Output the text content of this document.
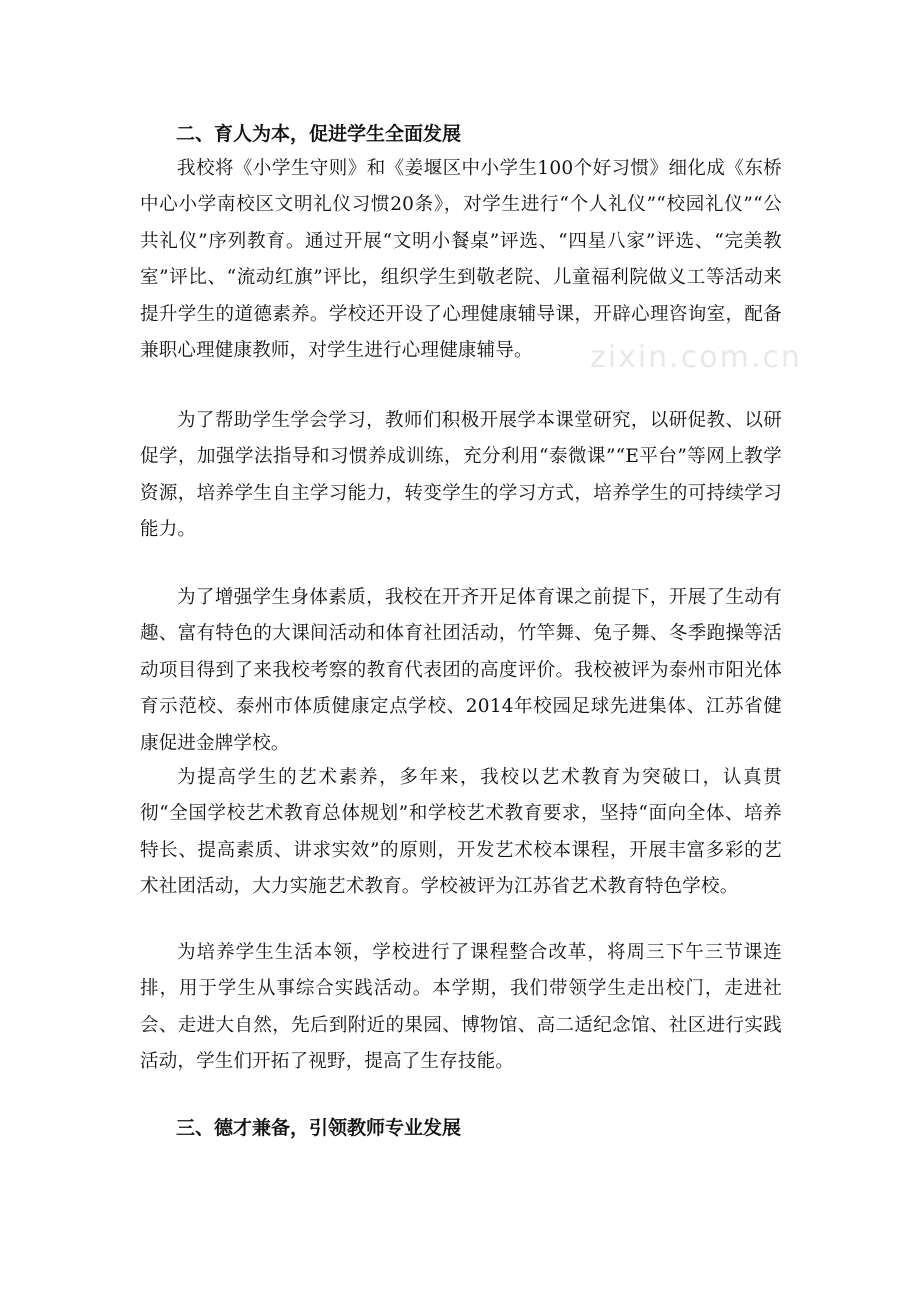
二、育人为本，促进学生全面发展
我校将《小学生守则》和《姜堰区中小学生100个好习惯》细化成《东桥中心小学南校区文明礼仪习惯20条》，对学生进行“个人礼仪”“校园礼仪”“公共礼仪”序列教育。通过开展“文明小餐桌”评选、“四星八家”评选、“完美教室”评比、“流动红旗”评比，组织学生到敬老院、儿童福利院做义工等活动来提升学生的道德素养。学校还开设了心理健康辅导课，开辟心理咨询室，配备兼职心理健康教师，对学生进行心理健康辅导。
为了帮助学生学会学习，教师们积极开展学本课堂研究，以研促教、以研促学，加强学法指导和习惯养成训练，充分利用“泰微课”“E平台”等网上教学资源，培养学生自主学习能力，转变学生的学习方式，培养学生的可持续学习能力。
为了增强学生身体素质，我校在开齐开足体育课之前提下，开展了生动有趣、富有特色的大课间活动和体育社团活动，竹竿舞、兔子舞、冬季跑操等活动项目得到了来我校考察的教育代表团的高度评价。我校被评为泰州市阳光体育示范校、泰州市体质健康定点学校、2014年校园足球先进集体、江苏省健康促进金牌学校。
为提高学生的艺术素养，多年来，我校以艺术教育为突破口，认真贯彻“全国学校艺术教育总体规划”和学校艺术教育要求，坚持“面向全体、培养特长、提高素质、讲求实效”的原则，开发艺术校本课程，开展丰富多彩的艺术社团活动，大力实施艺术教育。学校被评为江苏省艺术教育特色学校。
为培养学生生活本领，学校进行了课程整合改革，将周三下午三节课连排，用于学生从事综合实践活动。本学期，我们带领学生走出校门，走进社会、走进大自然，先后到附近的果园、博物馆、高二适纪念馆、社区进行实践活动，学生们开拓了视野，提高了生存技能。
三、德才兼备，引领教师专业发展
zixin.com.cn
